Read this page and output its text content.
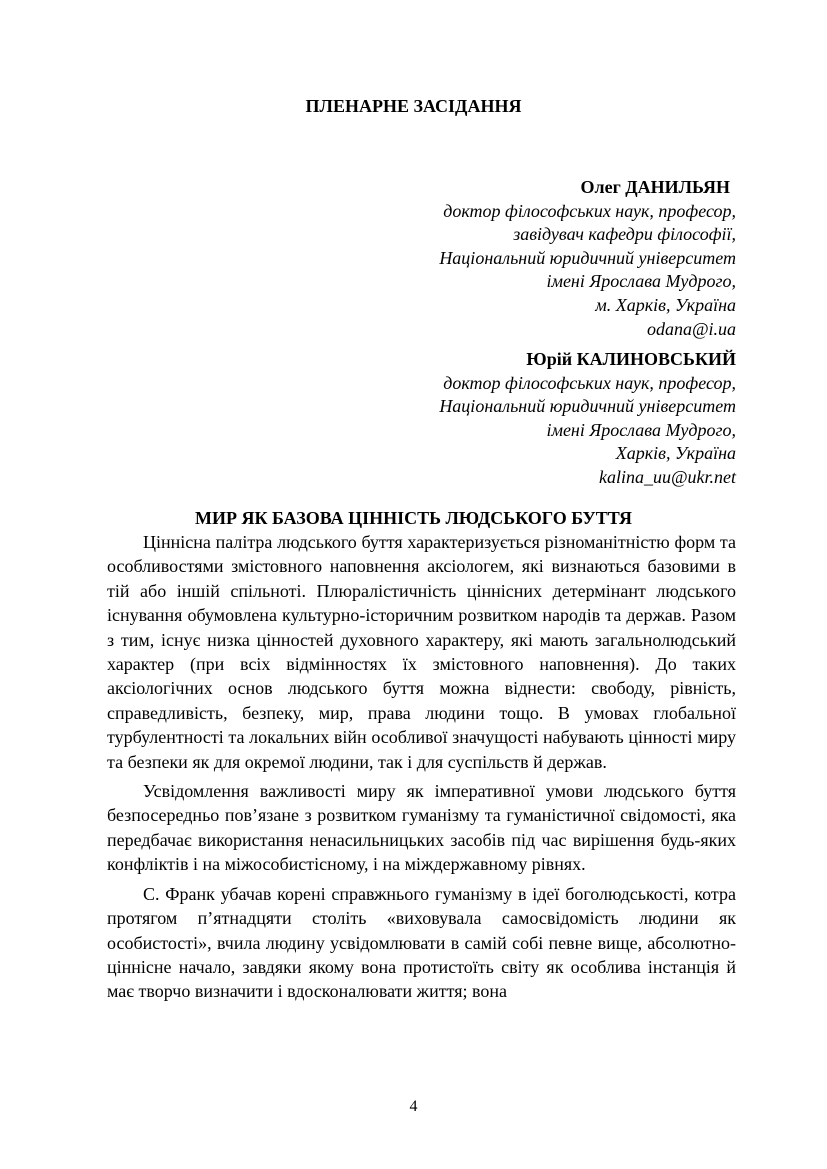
ПЛЕНАРНЕ ЗАСІДАННЯ
Олег ДАНИЛЬЯН
доктор філософських наук, професор,
завідувач кафедри філософії,
Національний юридичний університет
імені Ярослава Мудрого,
м. Харків, Україна
odana@i.ua
Юрій КАЛИНОВСЬКИЙ
доктор філософських наук, професор,
Національний юридичний університет
імені Ярослава Мудрого,
Харків, Україна
kalina_uu@ukr.net
МИР ЯК БАЗОВА ЦІННІСТЬ ЛЮДСЬКОГО БУТТЯ

Ціннісна палітра людського буття характеризується різноманітністю форм та особливостями змістовного наповнення аксіологем, які визнаються базовими в тій або іншій спільноті. Плюралістичність ціннісних детермінант людського існування обумовлена культурно-історичним розвитком народів та держав. Разом з тим, існує низка цінностей духовного характеру, які мають загальнолюдський характер (при всіх відмінностях їх змістовного наповнення). До таких аксіологічних основ людського буття можна віднести: свободу, рівність, справедливість, безпеку, мир, права людини тощо. В умовах глобальної турбулентності та локальних війн особливої значущості набувають цінності миру та безпеки як для окремої людини, так і для суспільств й держав.

Усвідомлення важливості миру як імперативної умови людського буття безпосередньо пов’язане з розвитком гуманізму та гуманістичної свідомості, яка передбачає використання ненасильницьких засобів під час вирішення будь-яких конфліктів і на міжособистісному, і на міждержавному рівнях.

С. Франк убачав корені справжнього гуманізму в ідеї боголюдськості, котра протягом п’ятнадцяти століть «виховувала самосвідомість людини як особистості», вчила людину усвідомлювати в самій собі певне вище, абсолютно-ціннісне начало, завдяки якому вона протистоїть світу як особлива інстанція й має творчо визначити і вдосконалювати життя; вона

4
